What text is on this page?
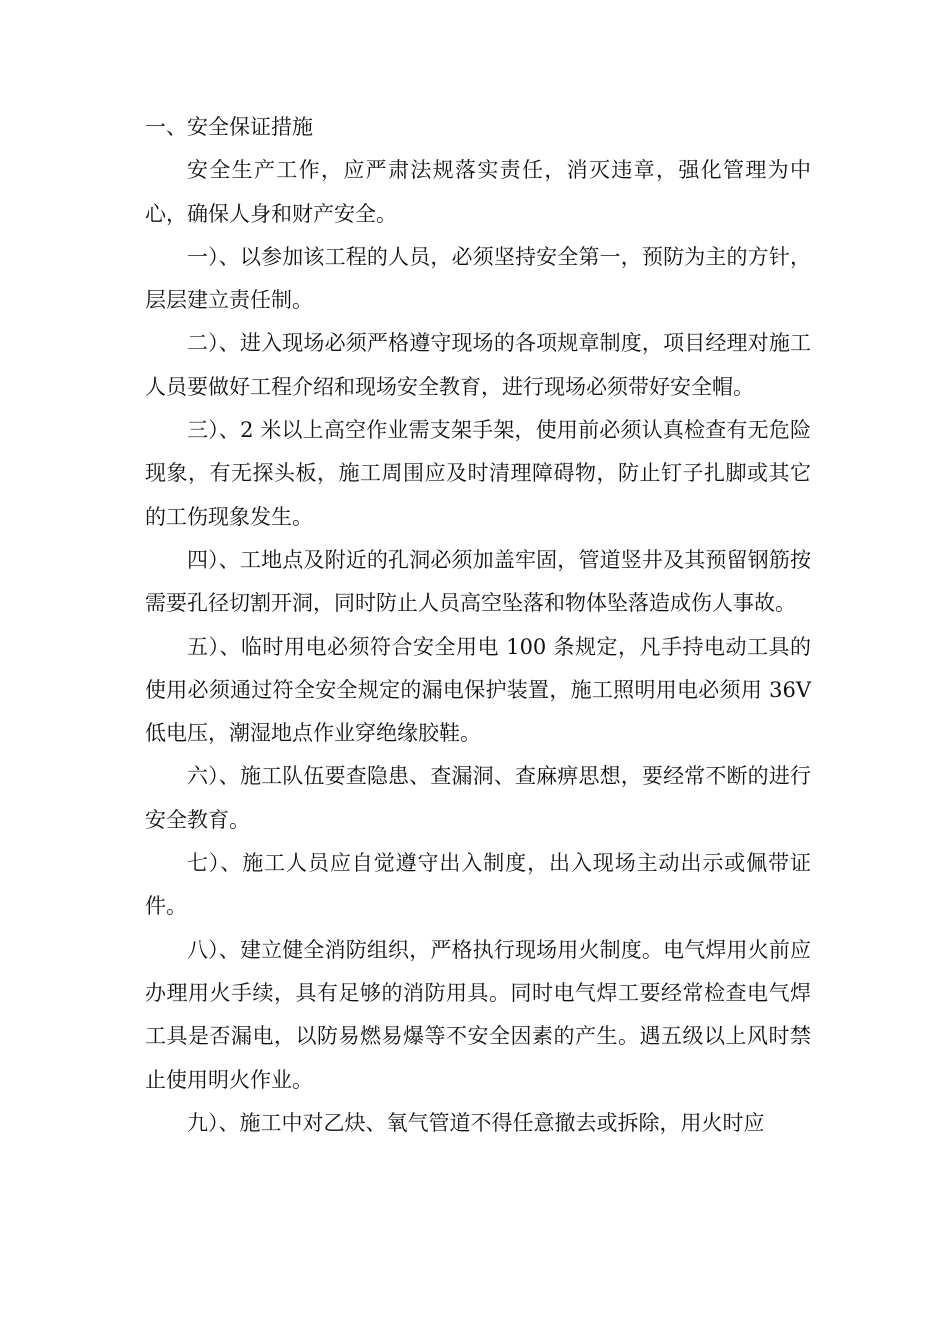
一、安全保证措施

安全生产工作，应严肃法规落实责任，消灭违章，强化管理为中心，确保人身和财产安全。

一）、以参加该工程的人员，必须坚持安全第一，预防为主的方针，层层建立责任制。

二）、进入现场必须严格遵守现场的各项规章制度，项目经理对施工人员要做好工程介绍和现场安全教育，进行现场必须带好安全帽。

三）、2 米以上高空作业需支架手架，使用前必须认真检查有无危险现象，有无探头板，施工周围应及时清理障碍物，防止钉子扎脚或其它的工伤现象发生。

四）、工地点及附近的孔洞必须加盖牢固，管道竖井及其预留钢筋按需要孔径切割开洞，同时防止人员高空坠落和物体坠落造成伤人事故。

五）、临时用电必须符合安全用电 100 条规定，凡手持电动工具的使用必须通过符全安全规定的漏电保护装置，施工照明用电必须用 36V 低电压，潮湿地点作业穿绝缘胶鞋。

六）、施工队伍要查隐患、查漏洞、查麻痹思想，要经常不断的进行安全教育。

七）、施工人员应自觉遵守出入制度，出入现场主动出示或佩带证件。

八）、建立健全消防组织，严格执行现场用火制度。电气焊用火前应办理用火手续，具有足够的消防用具。同时电气焊工要经常检查电气焊工具是否漏电，以防易燃易爆等不安全因素的产生。遇五级以上风时禁止使用明火作业。

九）、施工中对乙炔、氧气管道不得任意撤去或拆除，用火时应
